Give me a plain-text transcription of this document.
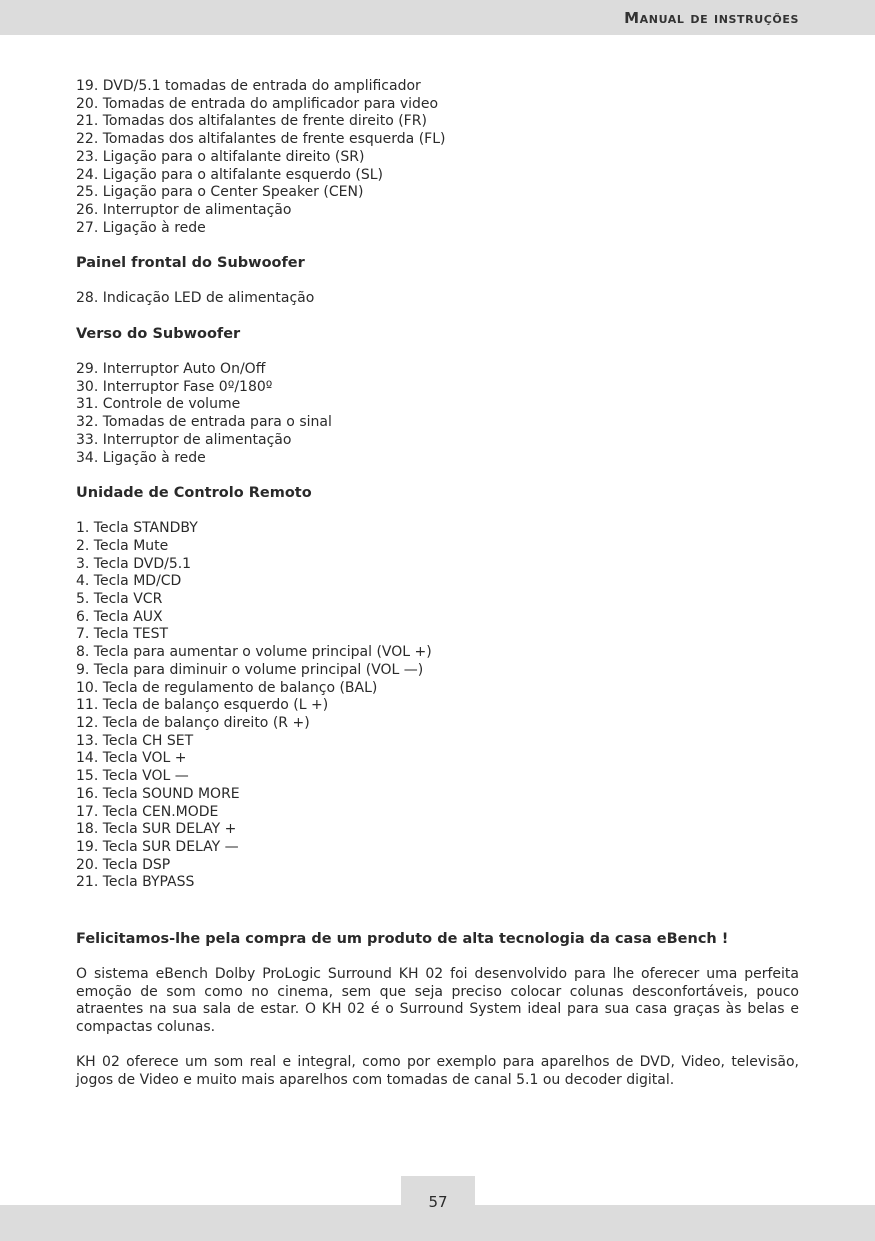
Manual de instruções
19. DVD/5.1 tomadas de entrada do amplificador
20. Tomadas de entrada do amplificador para video
21. Tomadas dos altifalantes de frente direito (FR)
22. Tomadas dos altifalantes de frente esquerda (FL)
23. Ligação para o altifalante direito (SR)
24. Ligação para o altifalante esquerdo (SL)
25. Ligação para o Center Speaker (CEN)
26. Interruptor de alimentação
27. Ligação à rede
Painel frontal do Subwoofer
28. Indicação LED de alimentação
Verso do Subwoofer
29. Interruptor Auto On/Off
30. Interruptor Fase 0º/180º
31. Controle de volume
32. Tomadas de entrada para o sinal
33. Interruptor de alimentação
34. Ligação à rede
Unidade de Controlo Remoto
1. Tecla STANDBY
2. Tecla Mute
3. Tecla DVD/5.1
4. Tecla MD/CD
5. Tecla VCR
6. Tecla AUX
7. Tecla TEST
8. Tecla para aumentar o volume principal (VOL +)
9. Tecla para diminuir o volume principal (VOL —)
10. Tecla de regulamento de balanço (BAL)
11. Tecla de balanço esquerdo (L +)
12. Tecla de balanço direito (R +)
13. Tecla CH SET
14. Tecla VOL +
15. Tecla VOL —
16. Tecla SOUND MORE
17. Tecla CEN.MODE
18. Tecla SUR DELAY +
19. Tecla SUR DELAY —
20. Tecla DSP
21. Tecla BYPASS
Felicitamos-lhe pela compra de um produto de alta tecnologia da casa eBench !

O sistema eBench Dolby ProLogic Surround KH 02 foi desenvolvido para lhe oferecer uma perfeita emoção de som como no cinema, sem que seja preciso colocar colunas desconfortáveis, pouco atraentes na sua sala de estar. O KH 02 é o Surround System ideal para sua casa graças às belas e compactas colunas.

KH 02 oferece um som real e integral, como por exemplo para aparelhos de DVD, Video, televisão, jogos de Video e muito mais aparelhos com tomadas de canal 5.1 ou decoder digital.

57
